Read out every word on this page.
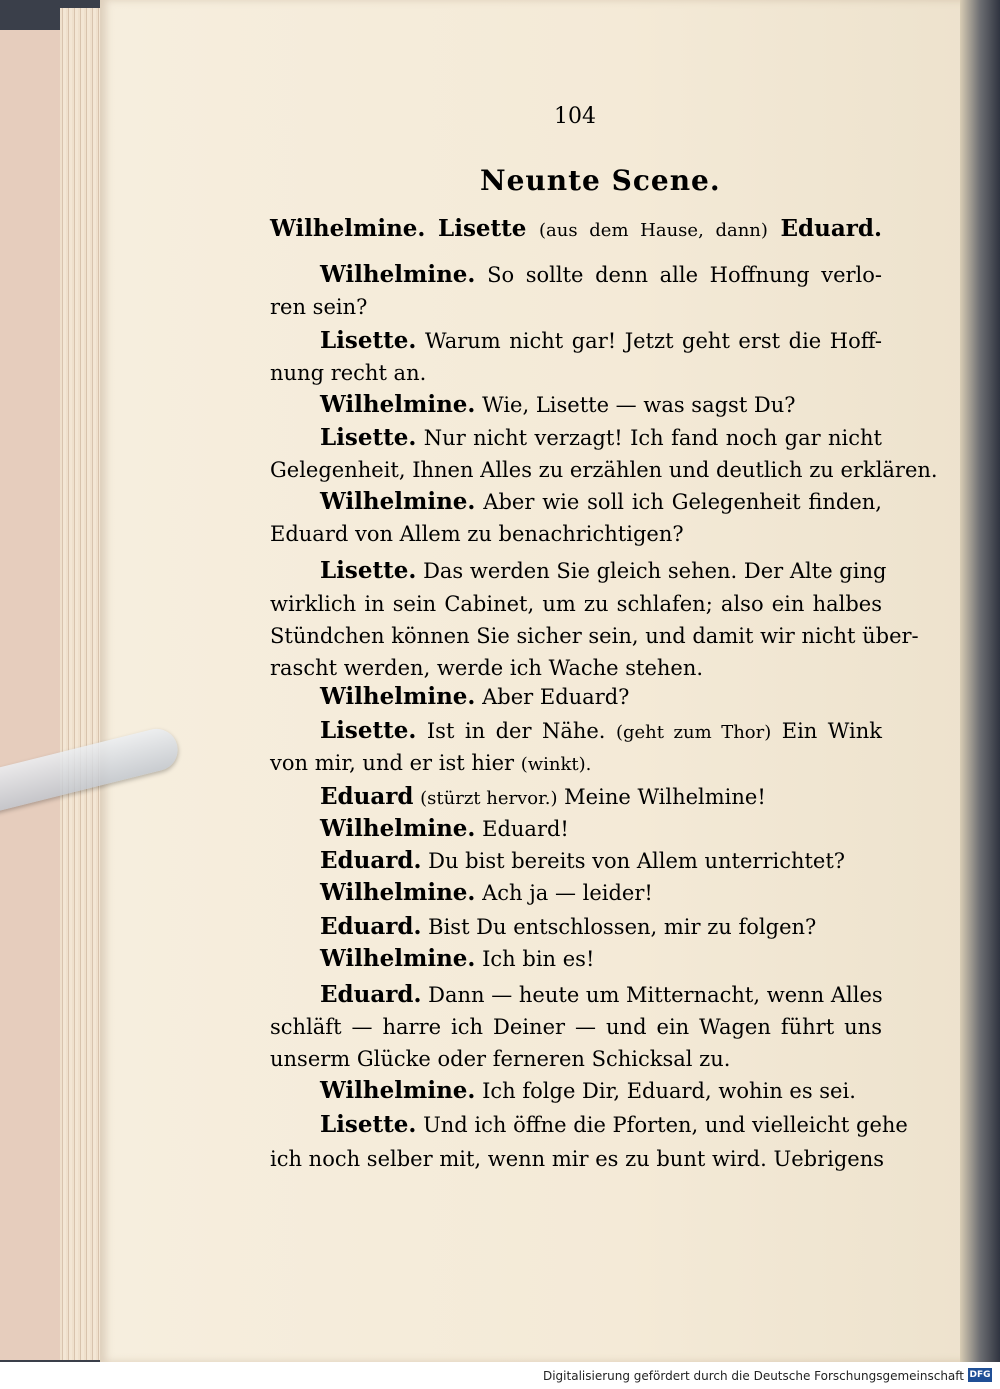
104
Neunte Scene.
Wilhelmine. Lisette (aus dem Hause, dann) Eduard.
Wilhelmine. So sollte denn alle Hoffnung verlo-
ren sein?
Lisette. Warum nicht gar! Jetzt geht erst die Hoff-
nung recht an.
Wilhelmine. Wie, Lisette — was sagst Du?
Lisette. Nur nicht verzagt! Ich fand noch gar nicht
Gelegenheit, Ihnen Alles zu erzählen und deutlich zu erklären.
Wilhelmine. Aber wie soll ich Gelegenheit finden,
Eduard von Allem zu benachrichtigen?
Lisette. Das werden Sie gleich sehen. Der Alte ging
wirklich in sein Cabinet, um zu schlafen; also ein halbes
Stündchen können Sie sicher sein, und damit wir nicht über-
rascht werden, werde ich Wache stehen.
Wilhelmine. Aber Eduard?
Lisette. Ist in der Nähe. (geht zum Thor) Ein Wink
von mir, und er ist hier (winkt).
Eduard (stürzt hervor.) Meine Wilhelmine!
Wilhelmine. Eduard!
Eduard. Du bist bereits von Allem unterrichtet?
Wilhelmine. Ach ja — leider!
Eduard. Bist Du entschlossen, mir zu folgen?
Wilhelmine. Ich bin es!
Eduard. Dann — heute um Mitternacht, wenn Alles
schläft — harre ich Deiner — und ein Wagen führt uns
unserm Glücke oder ferneren Schicksal zu.
Wilhelmine. Ich folge Dir, Eduard, wohin es sei.
Lisette. Und ich öffne die Pforten, und vielleicht gehe
ich noch selber mit, wenn mir es zu bunt wird. Uebrigens
Digitalisierung gefördert durch die Deutsche Forschungsgemeinschaft DFG
